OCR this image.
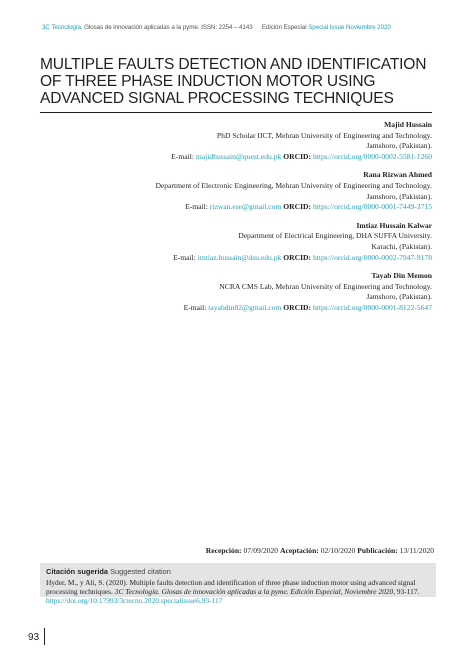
3C Tecnología. Glosas de innovación aplicadas a la pyme. ISSN: 2254 – 4143 Edición Especial Special Issue Noviembre 2020
MULTIPLE FAULTS DETECTION AND IDENTIFICATION OF THREE PHASE INDUCTION MOTOR USING ADVANCED SIGNAL PROCESSING TECHNIQUES
Majid Hussain
PhD Scholar IICT, Mehran University of Engineering and Technology.
Jamshoro, (Pakistan).
E-mail: majidhussain@quest.edu.pk ORCID: https://orcid.org/0000-0002-5581-1260
Rana Rizwan Ahmed
Department of Electronic Engineering, Mehran University of Engineering and Technology.
Jamshoro, (Pakistan).
E-mail: rizwan.ese@gmail.com ORCID: https://orcid.org/0000-0001-7449-3715
Imtiaz Hussain Kalwar
Department of Electrical Engineering, DHA SUFFA University.
Karachi, (Pakistan).
E-mail: imtiaz.hussain@dsu.edu.pk ORCID: https://orcid.org/0000-0002-7947-9178
Tayab Din Memon
NCRA CMS Lab, Mehran University of Engineering and Technology.
Jamshoro, (Pakistan).
E-mail: tayabdin82@gmail.com ORCID: https://orcid.org/0000-0001-8122-5647
Recepción: 07/09/2020 Aceptación: 02/10/2020 Publicación: 13/11/2020
Citación sugerida Suggested citation
Hyder, M., y Ali, S. (2020). Multiple faults detection and identification of three phase induction motor using advanced signal processing techniques. 3C Tecnología. Glosas de innovación aplicadas a la pyme. Edición Especial, Noviembre 2020, 93-117. https://doi.org/10.17993/3ctecno.2020.specialissue6.93-117
93
